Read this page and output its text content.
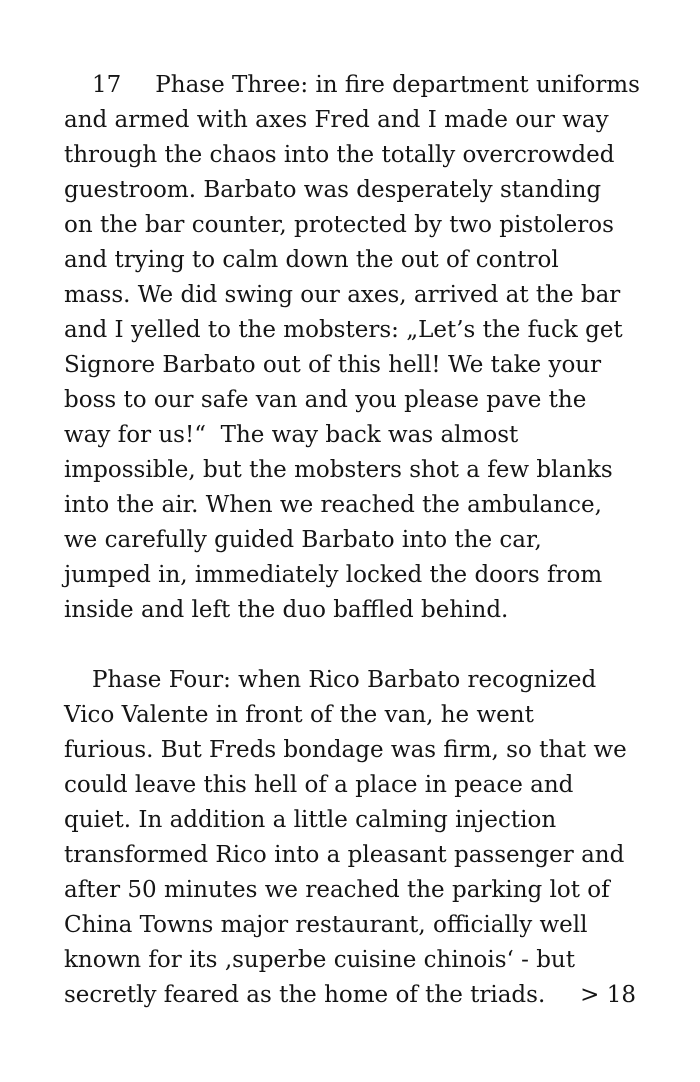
17 Phase Three: in fire department uniforms
and armed with axes Fred and I made our way
through the chaos into the totally overcrowded
guestroom. Barbato was desperately standing
on the bar counter, protected by two pistoleros
and trying to calm down the out of control
mass. We did swing our axes, arrived at the bar
and I yelled to the mobsters: „Let’s the fuck get
Signore Barbato out of this hell! We take your
boss to our safe van and you please pave the
way for us!“  The way back was almost
impossible, but the mobsters shot a few blanks
into the air. When we reached the ambulance,
we carefully guided Barbato into the car,
jumped in, immediately locked the doors from
inside and left the duo baffled behind.
Phase Four: when Rico Barbato recognized
Vico Valente in front of the van, he went
furious. But Freds bondage was firm, so that we
could leave this hell of a place in peace and
quiet. In addition a little calming injection
transformed Rico into a pleasant passenger and
after 50 minutes we reached the parking lot of
China Towns major restaurant, officially well
known for its ‚superbe cuisine chinois‘ - but
secretly feared as the home of the triads. > 18
